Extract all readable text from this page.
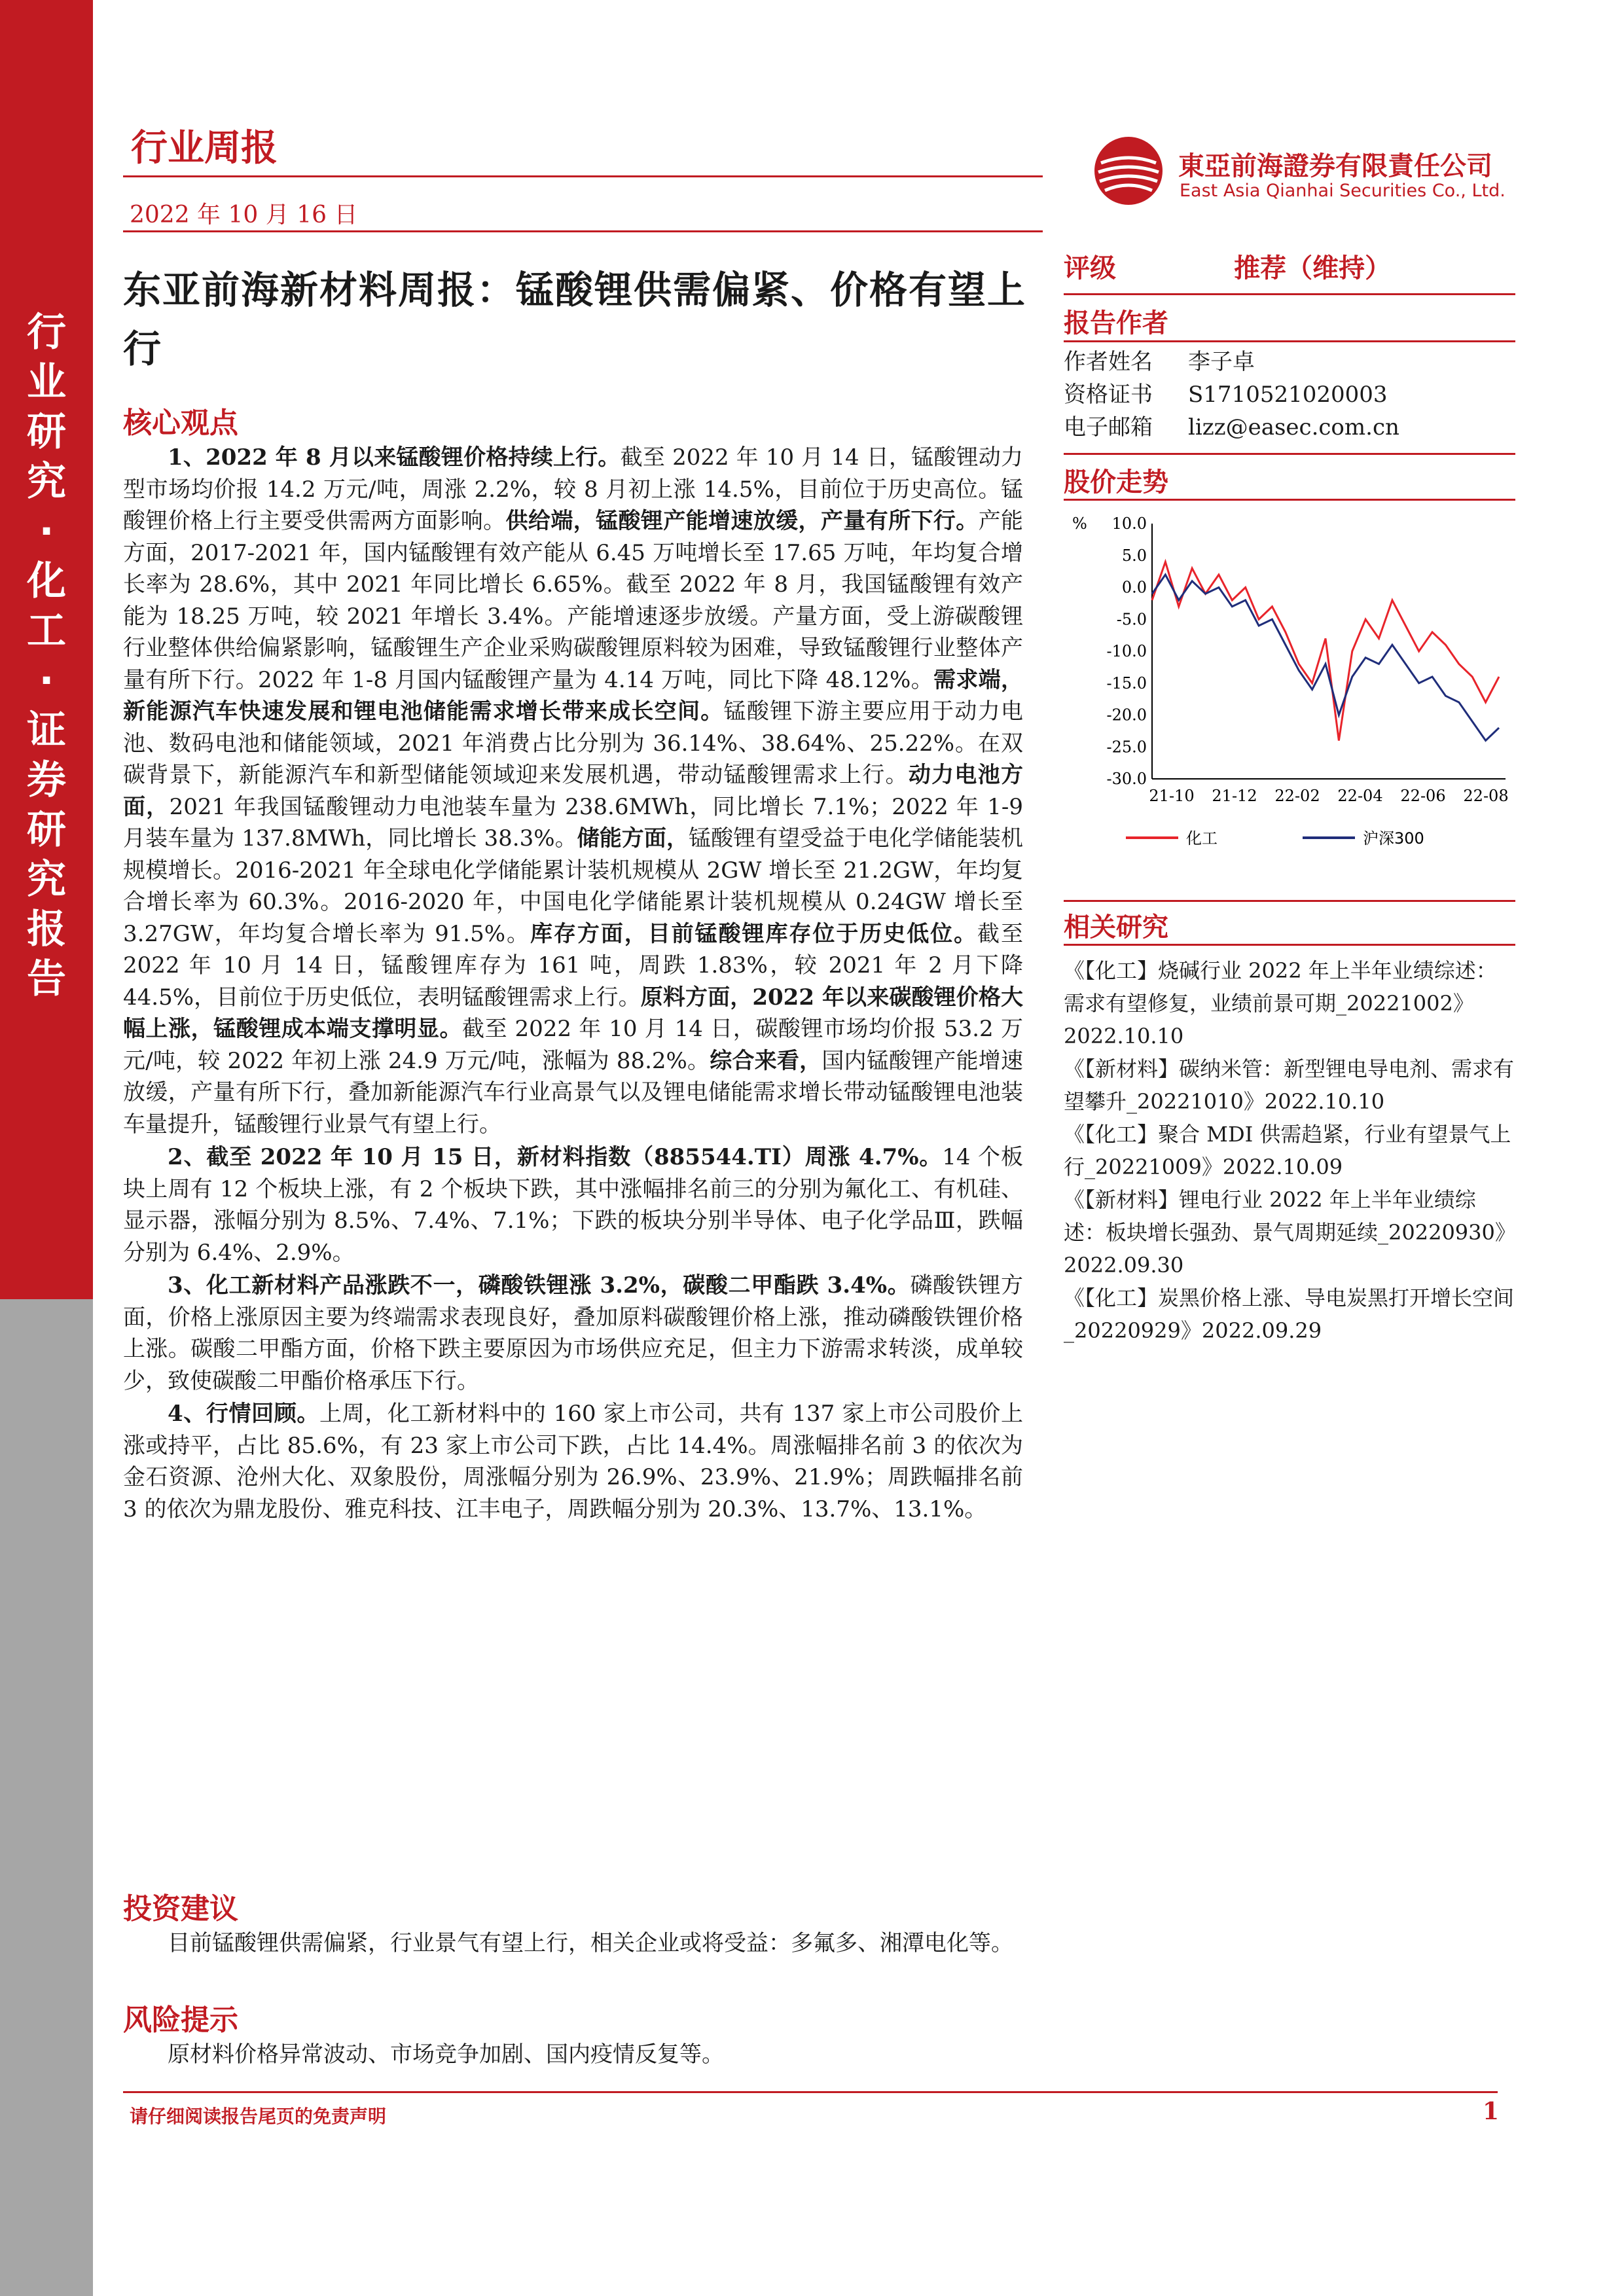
行
业
研
究
·
化
工
·
证
券
研
究
报
告
行业周报
2022 年 10 月 16 日
東亞前海證券有限責任公司
East Asia Qianhai Securities Co., Ltd.
东亚前海新材料周报：锰酸锂供需偏紧、价格有望上行
核心观点

1、2022 年 8 月以来锰酸锂价格持续上行。截至 2022 年 10 月 14 日，锰酸锂动力型市场均价报 14.2 万元/吨，周涨 2.2%，较 8 月初上涨 14.5%，目前位于历史高位。锰酸锂价格上行主要受供需两方面影响。供给端，锰酸锂产能增速放缓，产量有所下行。产能方面，2017-2021 年，国内锰酸锂有效产能从 6.45 万吨增长至 17.65 万吨，年均复合增长率为 28.6%，其中 2021 年同比增长 6.65%。截至 2022 年 8 月，我国锰酸锂有效产能为 18.25 万吨，较 2021 年增长 3.4%。产能增速逐步放缓。产量方面，受上游碳酸锂行业整体供给偏紧影响，锰酸锂生产企业采购碳酸锂原料较为困难，导致锰酸锂行业整体产量有所下行。2022 年 1-8 月国内锰酸锂产量为 4.14 万吨，同比下降 48.12%。需求端，新能源汽车快速发展和锂电池储能需求增长带来成长空间。锰酸锂下游主要应用于动力电池、数码电池和储能领域，2021 年消费占比分别为 36.14%、38.64%、25.22%。在双碳背景下，新能源汽车和新型储能领域迎来发展机遇，带动锰酸锂需求上行。动力电池方面，2021 年我国锰酸锂动力电池装车量为 238.6MWh，同比增长 7.1%；2022 年 1-9 月装车量为 137.8MWh，同比增长 38.3%。储能方面，锰酸锂有望受益于电化学储能装机规模增长。2016-2021 年全球电化学储能累计装机规模从 2GW 增长至 21.2GW，年均复合增长率为 60.3%。2016-2020 年，中国电化学储能累计装机规模从 0.24GW 增长至 3.27GW，年均复合增长率为 91.5%。库存方面，目前锰酸锂库存位于历史低位。截至 2022 年 10 月 14 日，锰酸锂库存为 161 吨，周跌 1.83%，较 2021 年 2 月下降 44.5%，目前位于历史低位，表明锰酸锂需求上行。原料方面，2022 年以来碳酸锂价格大幅上涨，锰酸锂成本端支撑明显。截至 2022 年 10 月 14 日，碳酸锂市场均价报 53.2 万元/吨，较 2022 年初上涨 24.9 万元/吨，涨幅为 88.2%。综合来看，国内锰酸锂产能增速放缓，产量有所下行，叠加新能源汽车行业高景气以及锂电储能需求增长带动锰酸锂电池装车量提升，锰酸锂行业景气有望上行。

2、截至 2022 年 10 月 15 日，新材料指数（885544.TI）周涨 4.7%。14 个板块上周有 12 个板块上涨，有 2 个板块下跌，其中涨幅排名前三的分别为氟化工、有机硅、显示器，涨幅分别为 8.5%、7.4%、7.1%；下跌的板块分别半导体、电子化学品Ⅲ，跌幅分别为 6.4%、2.9%。

3、化工新材料产品涨跌不一，磷酸铁锂涨 3.2%，碳酸二甲酯跌 3.4%。磷酸铁锂方面，价格上涨原因主要为终端需求表现良好，叠加原料碳酸锂价格上涨，推动磷酸铁锂价格上涨。碳酸二甲酯方面，价格下跌主要原因为市场供应充足，但主力下游需求转淡，成单较少，致使碳酸二甲酯价格承压下行。

4、行情回顾。上周，化工新材料中的 160 家上市公司，共有 137 家上市公司股价上涨或持平，占比 85.6%，有 23 家上市公司下跌，占比 14.4%。周涨幅排名前 3 的依次为金石资源、沧州大化、双象股份，周涨幅分别为 26.9%、23.9%、21.9%；周跌幅排名前 3 的依次为鼎龙股份、雅克科技、江丰电子，周跌幅分别为 20.3%、13.7%、13.1%。

投资建议

目前锰酸锂供需偏紧，行业景气有望上行，相关企业或将受益：多氟多、湘潭电化等。

风险提示

原材料价格异常波动、市场竞争加剧、国内疫情反复等。

评级	推荐（维持）
报告作者
作者姓名 李子卓
资格证书 S1710521020003
电子邮箱 lizz@easec.com.cn
股价走势
% 10.0
5.0
0.0
-5.0
-10.0
-15.0
-20.0
-25.0
-30.0
21-10 21-12 22-02 22-04 22-06 22-08
化工	沪深300
相关研究
《【化工】烧碱行业 2022 年上半年业绩综述：需求有望修复，业绩前景可期_20221002》2022.10.10
《【新材料】碳纳米管：新型锂电导电剂、需求有望攀升_20221010》2022.10.10
《【化工】聚合 MDI 供需趋紧，行业有望景气上行_20221009》2022.10.09
《【新材料】锂电行业 2022 年上半年业绩综述：板块增长强劲、景气周期延续_20220930》2022.09.30
《【化工】炭黑价格上涨、导电炭黑打开增长空间_20220929》2022.09.29
请仔细阅读报告尾页的免责声明	1
